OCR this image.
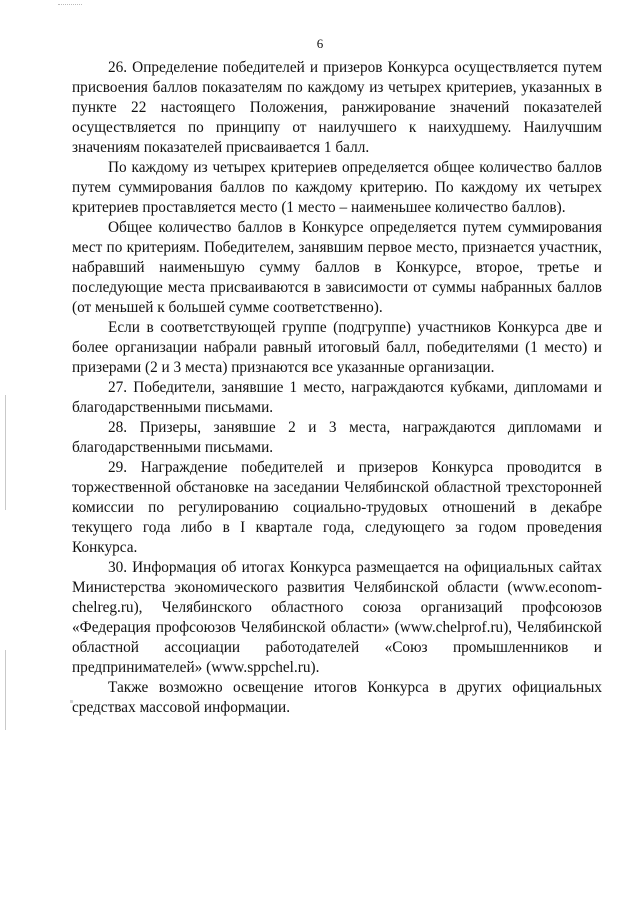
6

26. Определение победителей и призеров Конкурса осуществляется путем присвоения баллов показателям по каждому из четырех критериев, указанных в пункте 22 настоящего Положения, ранжирование значений показателей осуществляется по принципу от наилучшего к наихудшему. Наилучшим значениям показателей присваивается 1 балл.

По каждому из четырех критериев определяется общее количество баллов путем суммирования баллов по каждому критерию. По каждому их четырех критериев проставляется место (1 место – наименьшее количество баллов).

Общее количество баллов в Конкурсе определяется путем суммирования мест по критериям. Победителем, занявшим первое место, признается участник, набравший наименьшую сумму баллов в Конкурсе, второе, третье и последующие места присваиваются в зависимости от суммы набранных баллов (от меньшей к большей сумме соответственно).

Если в соответствующей группе (подгруппе) участников Конкурса две и более организации набрали равный итоговый балл, победителями (1 место) и призерами (2 и 3 места) признаются все указанные организации.

27. Победители, занявшие 1 место, награждаются кубками, дипломами и благодарственными письмами.

28. Призеры, занявшие 2 и 3 места, награждаются дипломами и благодарственными письмами.

29. Награждение победителей и призеров Конкурса проводится в торжественной обстановке на заседании Челябинской областной трехсторонней комиссии по регулированию социально-трудовых отношений в декабре текущего года либо в I квартале года, следующего за годом проведения Конкурса.

30. Информация об итогах Конкурса размещается на официальных сайтах Министерства экономического развития Челябинской области (www.econom-chelreg.ru), Челябинского областного союза организаций профсоюзов «Федерация профсоюзов Челябинской области» (www.chelprof.ru), Челябинской областной ассоциации работодателей «Союз промышленников и предпринимателей» (www.sppchel.ru).

Также возможно освещение итогов Конкурса в других официальных средствах массовой информации.
